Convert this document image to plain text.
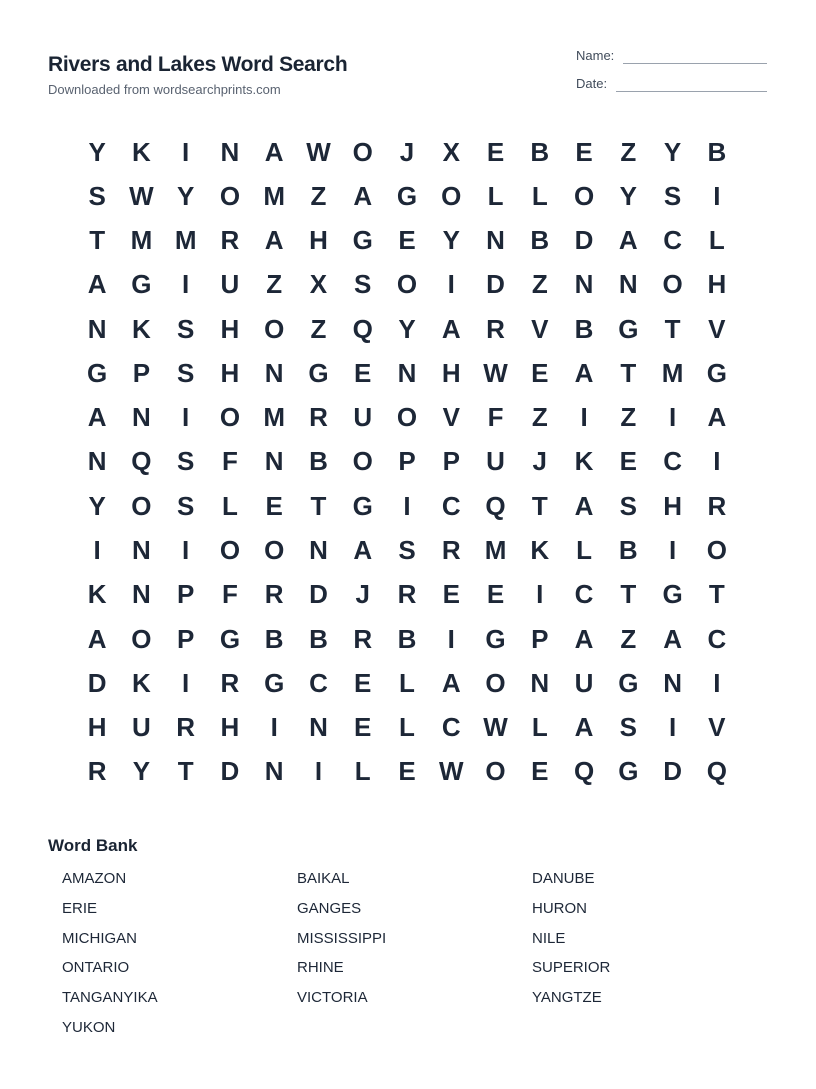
Rivers and Lakes Word Search
Downloaded from wordsearchprints.com
Name:
Date:
Y	K	I	N A W O	J	X	E	B	E	Z	Y	B
S W Y O M Z	A G O	L	L	O Y	S	I
T M M R A H G E	Y	N B D A C	L
A G	I	U	Z	X	S O	I	D	Z	N N O H
N K	S	H O	Z	Q Y	A R	V	B G	T	V
G P	S	H N G E	N H W E	A	T M G
A N	I	O M R U O V	F	Z	I	Z	I	A
N Q S	F	N B O P	P	U	J	K	E	C	I
Y O S	L	E	T	G	I	C Q	T	A	S	H R
I	N	I	O O N A	S	R M K	L	B	I	O
K N	P	F	R D	J	R	E	E	I	C	T	G	T
A O P G B B R B	I	G P	A	Z	A C
D K	I	R G C	E	L	A O N U G N	I
H U R H	I	N	E	L	C W L	A	S	I	V
R	Y	T	D N	I	L	E W O E Q G D Q
Word Bank
AMAZON
ERIE
MICHIGAN
ONTARIO
TANGANYIKA
YUKON
BAIKAL
GANGES
MISSISSIPPI
RHINE
VICTORIA
DANUBE
HURON
NILE
SUPERIOR
YANGTZE
